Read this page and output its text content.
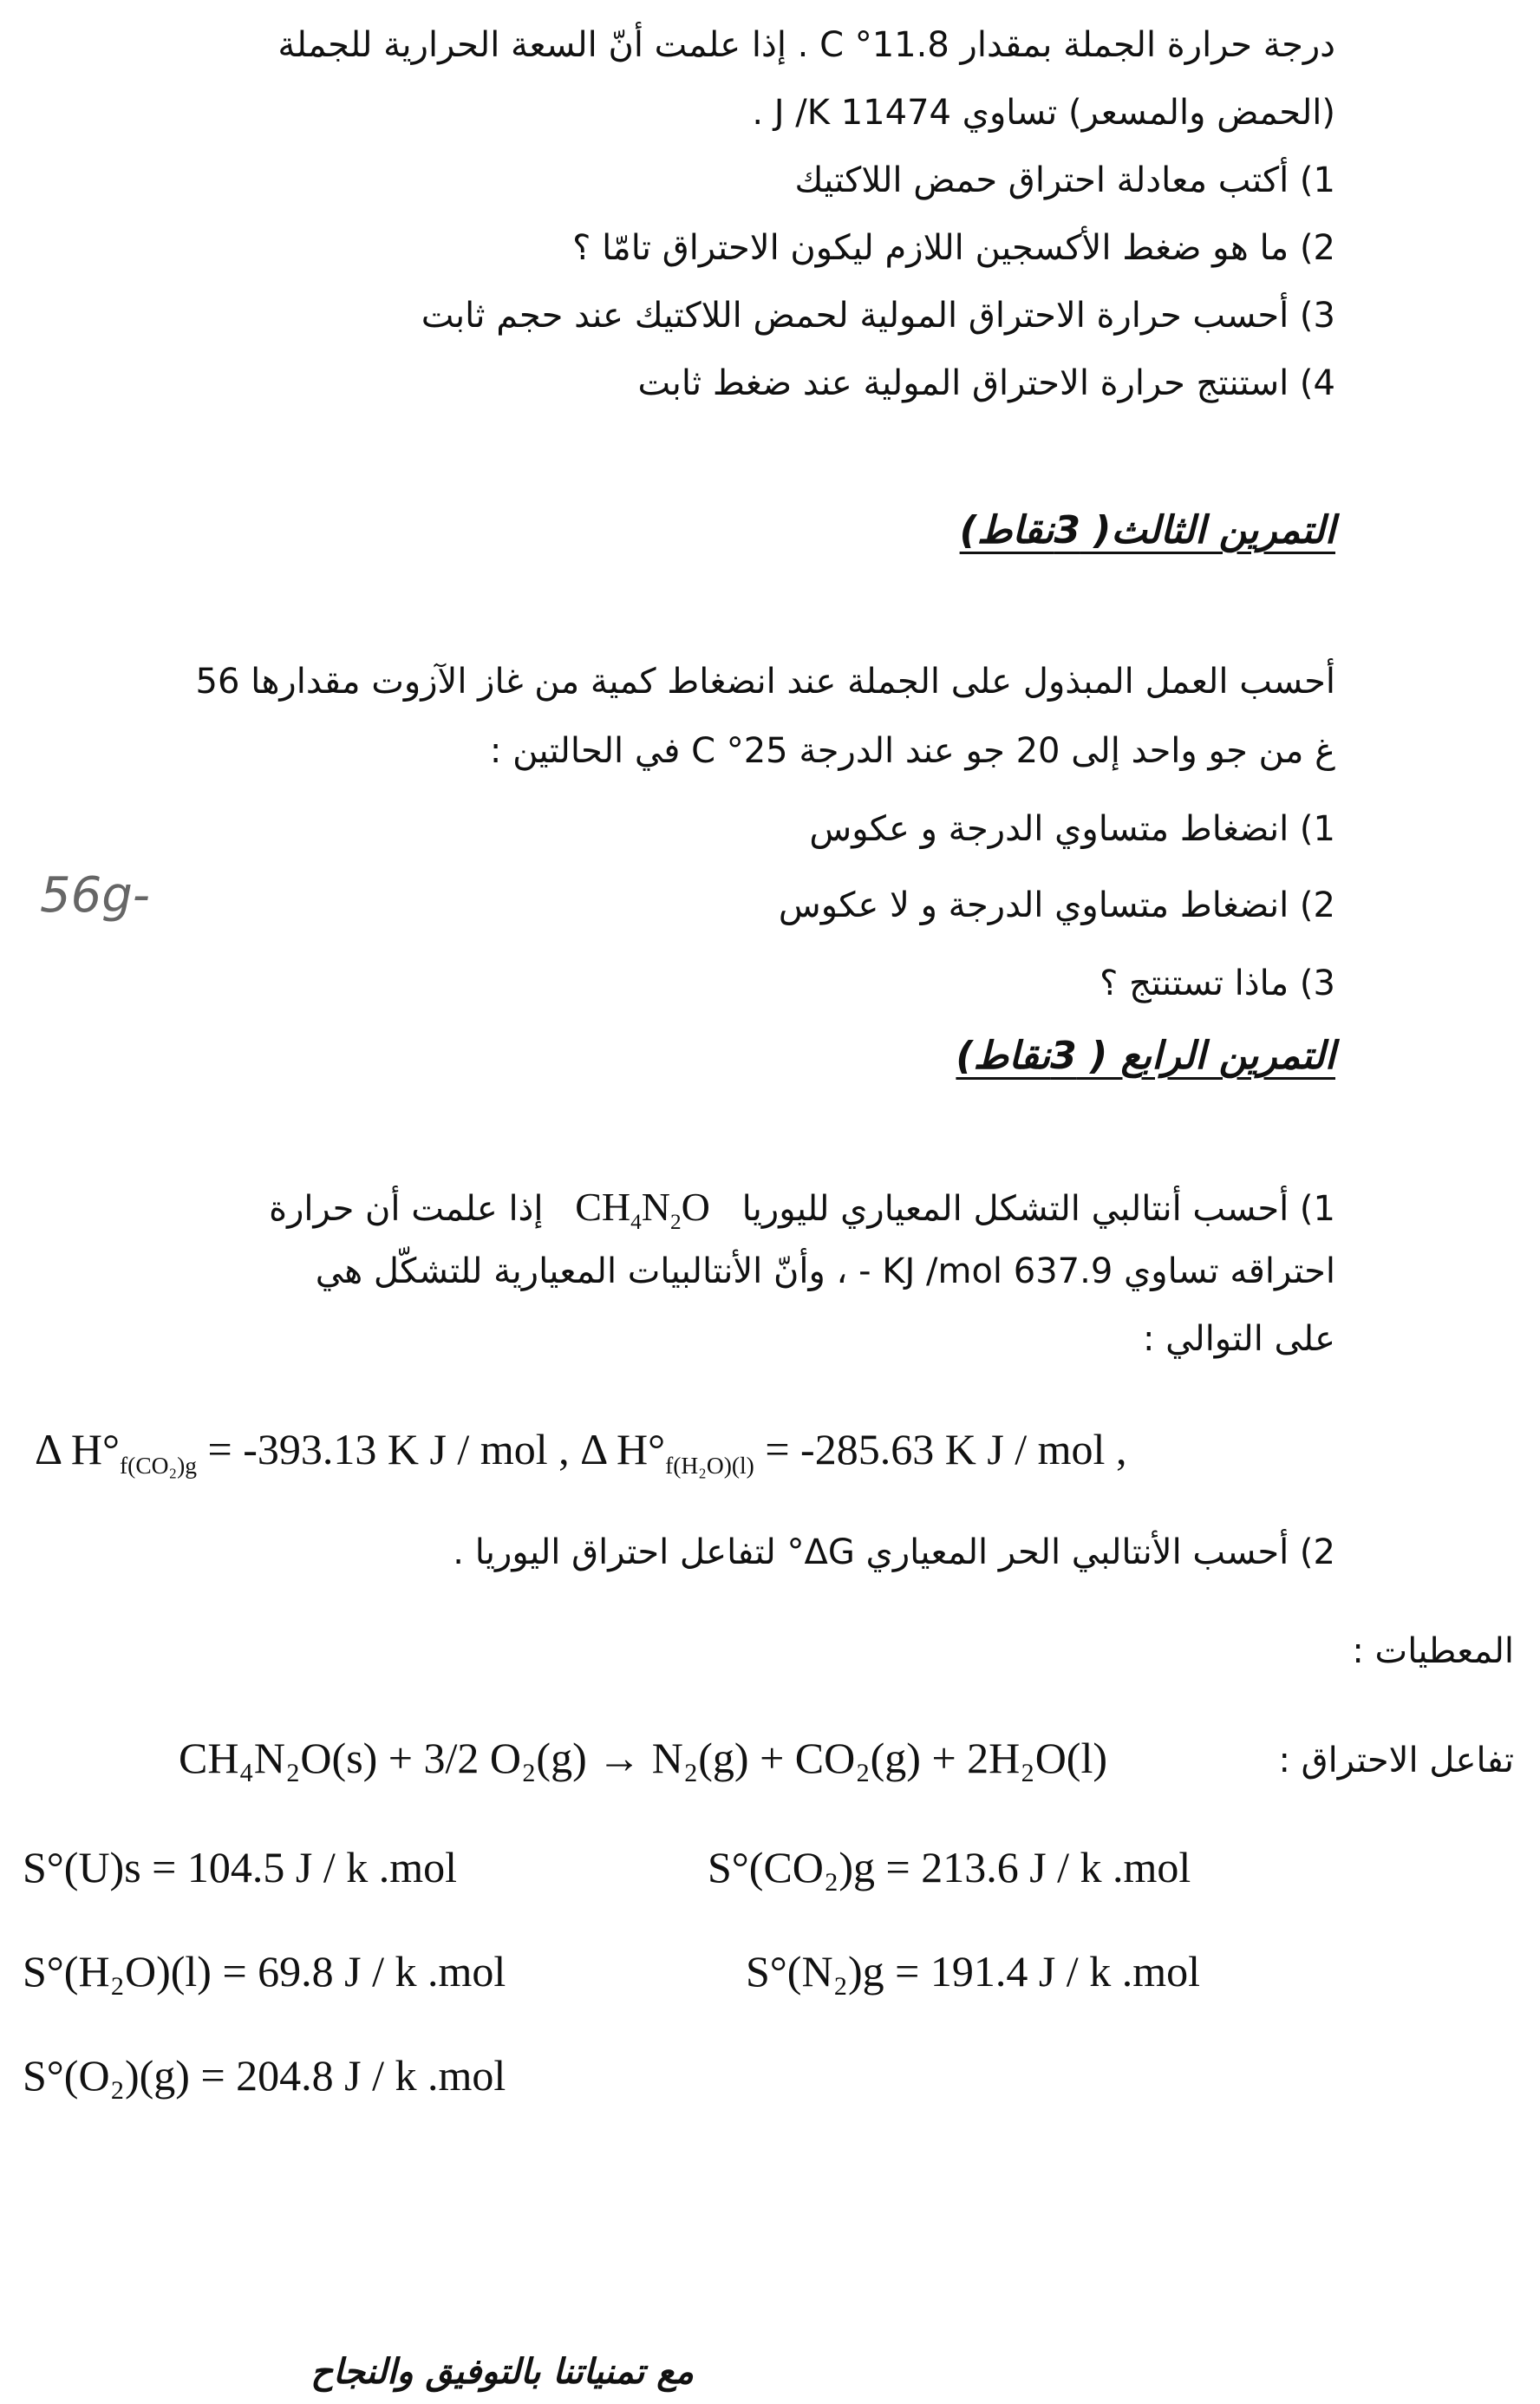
درجة حرارة الجملة بمقدار 11.8° C . إذا علمت أنّ السعة الحرارية للجملة
(الحمض والمسعر) تساوي 11474 J /K .
1) أكتب معادلة احتراق حمض اللاكتيك
2) ما هو ضغط الأكسجين اللازم ليكون الاحتراق تامّا ؟
3) أحسب حرارة الاحتراق المولية لحمض اللاكتيك عند حجم ثابت
4) استنتج حرارة الاحتراق المولية عند ضغط ثابت
التمرين الثالث( 3نقاط)
أحسب العمل المبذول على الجملة عند انضغاط كمية من غاز الآزوت مقدارها 56
غ من جو واحد إلى 20 جو عند الدرجة 25° C في الحالتين :
1) انضغاط متساوي الدرجة و عكوس
2) انضغاط متساوي الدرجة و لا عكوس
3) ماذا تستنتج ؟
56g-
التمرين الرابع ( 3نقاط)
1) أحسب أنتالبي التشكل المعياري لليوريا $CH_4N_2O$ إذا علمت أن حرارة
احتراقه تساوي 637.9 KJ /mol - ، وأنّ الأنتالبيات المعيارية للتشكّل هي
على التوالي :
Δ $H^\circ_{f(CO_2)g} = -393.13$ K J / mol , Δ $H^\circ_{f(H_2O)(l)} = -285.63$ K J / mol ,
2) أحسب الأنتالبي الحر المعياري ΔG° لتفاعل احتراق اليوريا .
المعطيات :
تفاعل الاحتراق :
CH₄N₂O(s) + 3/2 O₂(g) → N₂(g) + CO₂(g) + 2H₂O(l)
S°(U)s = 104.5 J / k .mol	S°(CO₂)g = 213.6 J / k .mol
S°(H₂O)(l) = 69.8 J / k .mol	S°(N₂)g = 191.4 J / k .mol
S°(O₂)(g) = 204.8 J / k .mol
مع تمنياتنا بالتوفيق والنجاح
